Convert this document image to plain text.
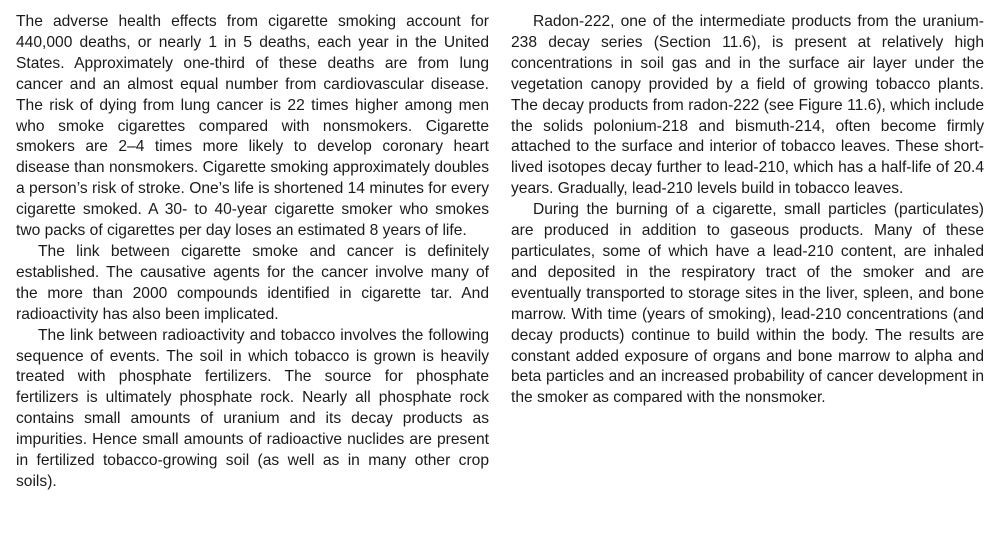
The adverse health effects from cigarette smoking account for 440,000 deaths, or nearly 1 in 5 deaths, each year in the United States. Approximately one-third of these deaths are from lung cancer and an almost equal number from cardiovascular disease. The risk of dying from lung cancer is 22 times higher among men who smoke cigarettes compared with nonsmokers. Cigarette smokers are 2–4 times more likely to develop coronary heart disease than nonsmokers. Cigarette smoking approximately doubles a person’s risk of stroke. One’s life is shortened 14 minutes for every cigarette smoked. A 30- to 40-year cigarette smoker who smokes two packs of cigarettes per day loses an estimated 8 years of life.

The link between cigarette smoke and cancer is definitely established. The causative agents for the cancer involve many of the more than 2000 compounds identified in cigarette tar. And radioactivity has also been implicated.

The link between radioactivity and tobacco involves the following sequence of events. The soil in which tobacco is grown is heavily treated with phosphate fertilizers. The source for phosphate fertilizers is ultimately phosphate rock. Nearly all phosphate rock contains small amounts of uranium and its decay products as impurities. Hence small amounts of radioactive nuclides are present in fertilized tobacco-growing soil (as well as in many other crop soils).

Radon-222, one of the intermediate products from the uranium-238 decay series (Section 11.6), is present at relatively high concentrations in soil gas and in the surface air layer under the vegetation canopy provided by a field of growing tobacco plants. The decay products from radon-222 (see Figure 11.6), which include the solids polonium-218 and bismuth-214, often become firmly attached to the surface and interior of tobacco leaves. These short-lived isotopes decay further to lead-210, which has a half-life of 20.4 years. Gradually, lead-210 levels build in tobacco leaves.

During the burning of a cigarette, small particles (particulates) are produced in addition to gaseous products. Many of these particulates, some of which have a lead-210 content, are inhaled and deposited in the respiratory tract of the smoker and are eventually transported to storage sites in the liver, spleen, and bone marrow. With time (years of smoking), lead-210 concentrations (and decay products) continue to build within the body. The results are constant added exposure of organs and bone marrow to alpha and beta particles and an increased probability of cancer development in the smoker as compared with the nonsmoker.
